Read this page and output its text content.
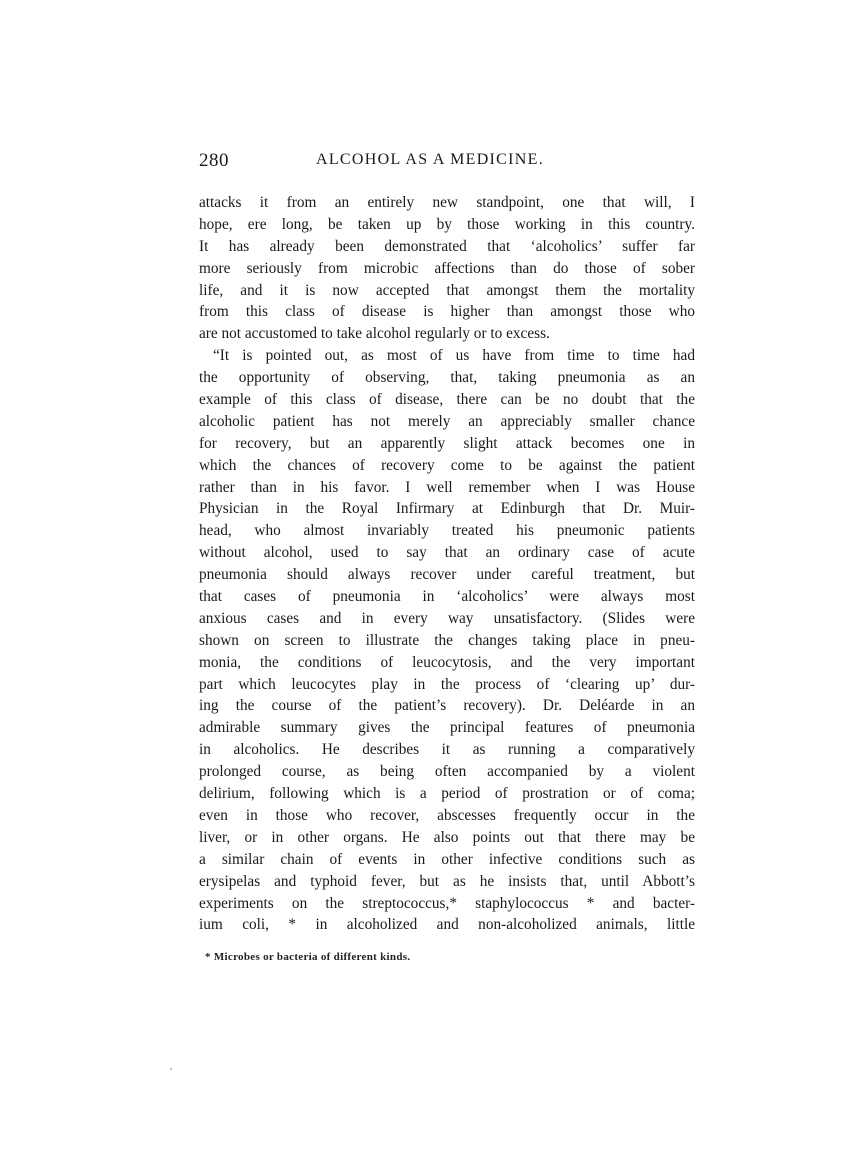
280	ALCOHOL AS A MEDICINE.
attacks it from an entirely new standpoint, one that will, I
hope, ere long, be taken up by those working in this country.
It has already been demonstrated that ‘alcoholics’ suffer far
more seriously from microbic affections than do those of sober
life, and it is now accepted that amongst them the mortality
from this class of disease is higher than amongst those who
are not accustomed to take alcohol regularly or to excess.
“It is pointed out, as most of us have from time to time had
the opportunity of observing, that, taking pneumonia as an
example of this class of disease, there can be no doubt that the
alcoholic patient has not merely an appreciably smaller chance
for recovery, but an apparently slight attack becomes one in
which the chances of recovery come to be against the patient
rather than in his favor. I well remember when I was House
Physician in the Royal Infirmary at Edinburgh that Dr. Muir-
head, who almost invariably treated his pneumonic patients
without alcohol, used to say that an ordinary case of acute
pneumonia should always recover under careful treatment, but
that cases of pneumonia in ‘alcoholics’ were always most
anxious cases and in every way unsatisfactory. (Slides were
shown on screen to illustrate the changes taking place in pneu-
monia, the conditions of leucocytosis, and the very important
part which leucocytes play in the process of ‘clearing up’ dur-
ing the course of the patient’s recovery). Dr. Deléarde in an
admirable summary gives the principal features of pneumonia
in alcoholics. He describes it as running a comparatively
prolonged course, as being often accompanied by a violent
delirium, following which is a period of prostration or of coma;
even in those who recover, abscesses frequently occur in the
liver, or in other organs. He also points out that there may be
a similar chain of events in other infective conditions such as
erysipelas and typhoid fever, but as he insists that, until Abbott’s
experiments on the streptococcus,* staphylococcus * and bacter-
ium coli, * in alcoholized and non-alcoholized animals, little
* Microbes or bacteria of different kinds.
